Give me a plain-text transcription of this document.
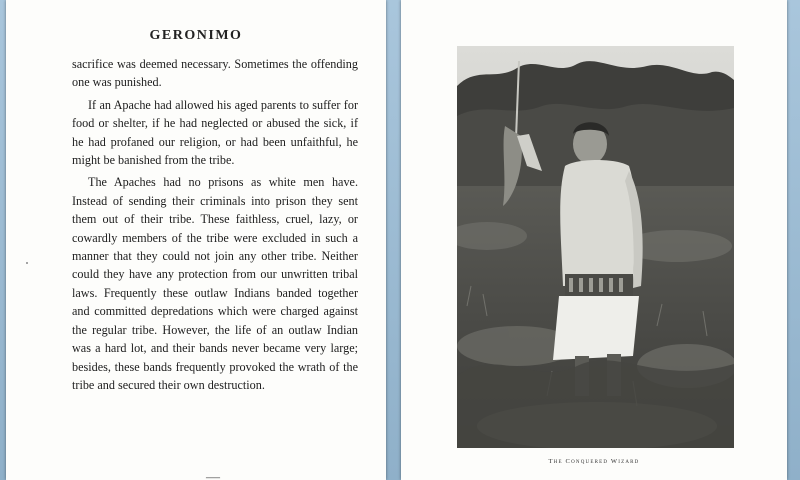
GERONIMO

sacrifice was deemed necessary. Sometimes the offending one was punished.

If an Apache had allowed his aged parents to suffer for food or shelter, if he had neglected or abused the sick, if he had profaned our religion, or had been unfaithful, he might be banished from the tribe.

The Apaches had no prisons as white men have. Instead of sending their criminals into prison they sent them out of their tribe. These faithless, cruel, lazy, or cowardly members of the tribe were excluded in such a manner that they could not join any other tribe. Neither could they have any protection from our unwritten tribal laws. Frequently these outlaw Indians banded together and committed depredations which were charged against the regular tribe. However, the life of an outlaw Indian was a hard lot, and their bands never became very large; besides, these bands frequently provoked the wrath of the tribe and secured their own destruction.

—
The Conquered Wizard
